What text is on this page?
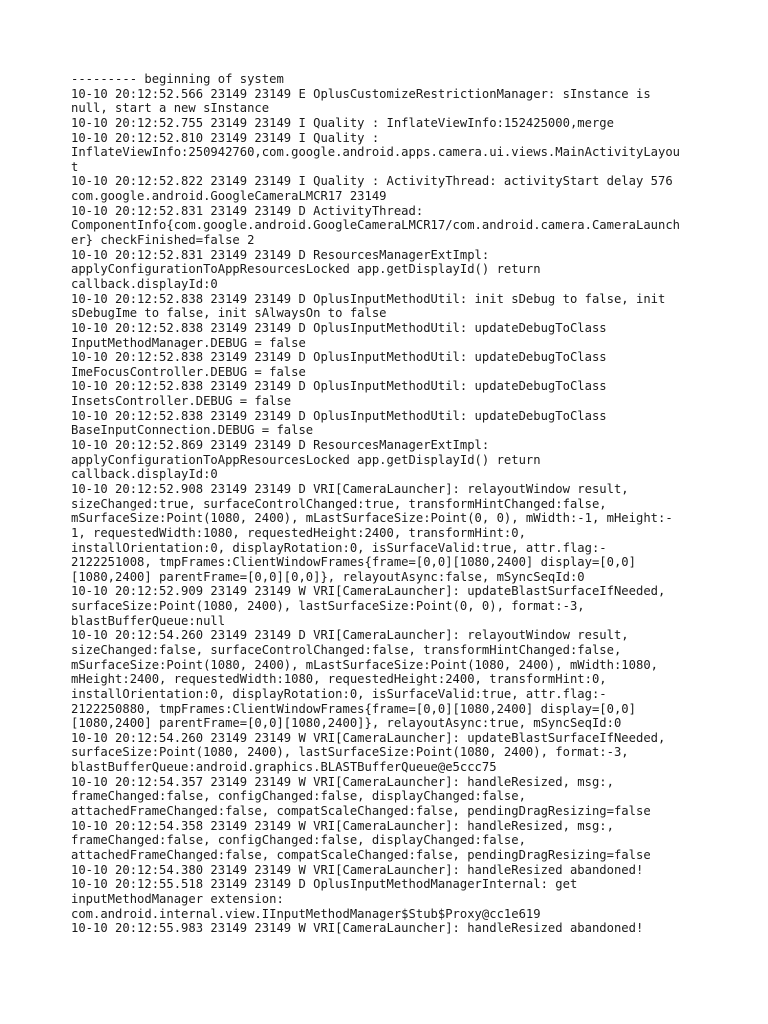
--------- beginning of system
10-10 20:12:52.566 23149 23149 E OplusCustomizeRestrictionManager: sInstance is
null, start a new sInstance
10-10 20:12:52.755 23149 23149 I Quality : InflateViewInfo:152425000,merge
10-10 20:12:52.810 23149 23149 I Quality :
InflateViewInfo:250942760,com.google.android.apps.camera.ui.views.MainActivityLayou
t
10-10 20:12:52.822 23149 23149 I Quality : ActivityThread: activityStart delay 576
com.google.android.GoogleCameraLMCR17 23149
10-10 20:12:52.831 23149 23149 D ActivityThread:
ComponentInfo{com.google.android.GoogleCameraLMCR17/com.android.camera.CameraLaunch
er} checkFinished=false 2
10-10 20:12:52.831 23149 23149 D ResourcesManagerExtImpl:
applyConfigurationToAppResourcesLocked app.getDisplayId() return
callback.displayId:0
10-10 20:12:52.838 23149 23149 D OplusInputMethodUtil: init sDebug to false, init
sDebugIme to false, init sAlwaysOn to false
10-10 20:12:52.838 23149 23149 D OplusInputMethodUtil: updateDebugToClass
InputMethodManager.DEBUG = false
10-10 20:12:52.838 23149 23149 D OplusInputMethodUtil: updateDebugToClass
ImeFocusController.DEBUG = false
10-10 20:12:52.838 23149 23149 D OplusInputMethodUtil: updateDebugToClass
InsetsController.DEBUG = false
10-10 20:12:52.838 23149 23149 D OplusInputMethodUtil: updateDebugToClass
BaseInputConnection.DEBUG = false
10-10 20:12:52.869 23149 23149 D ResourcesManagerExtImpl:
applyConfigurationToAppResourcesLocked app.getDisplayId() return
callback.displayId:0
10-10 20:12:52.908 23149 23149 D VRI[CameraLauncher]: relayoutWindow result,
sizeChanged:true, surfaceControlChanged:true, transformHintChanged:false,
mSurfaceSize:Point(1080, 2400), mLastSurfaceSize:Point(0, 0), mWidth:-1, mHeight:-
1, requestedWidth:1080, requestedHeight:2400, transformHint:0,
installOrientation:0, displayRotation:0, isSurfaceValid:true, attr.flag:-
2122251008, tmpFrames:ClientWindowFrames{frame=[0,0][1080,2400] display=[0,0]
[1080,2400] parentFrame=[0,0][0,0]}, relayoutAsync:false, mSyncSeqId:0
10-10 20:12:52.909 23149 23149 W VRI[CameraLauncher]: updateBlastSurfaceIfNeeded,
surfaceSize:Point(1080, 2400), lastSurfaceSize:Point(0, 0), format:-3,
blastBufferQueue:null
10-10 20:12:54.260 23149 23149 D VRI[CameraLauncher]: relayoutWindow result,
sizeChanged:false, surfaceControlChanged:false, transformHintChanged:false,
mSurfaceSize:Point(1080, 2400), mLastSurfaceSize:Point(1080, 2400), mWidth:1080,
mHeight:2400, requestedWidth:1080, requestedHeight:2400, transformHint:0,
installOrientation:0, displayRotation:0, isSurfaceValid:true, attr.flag:-
2122250880, tmpFrames:ClientWindowFrames{frame=[0,0][1080,2400] display=[0,0]
[1080,2400] parentFrame=[0,0][1080,2400]}, relayoutAsync:true, mSyncSeqId:0
10-10 20:12:54.260 23149 23149 W VRI[CameraLauncher]: updateBlastSurfaceIfNeeded,
surfaceSize:Point(1080, 2400), lastSurfaceSize:Point(1080, 2400), format:-3,
blastBufferQueue:android.graphics.BLASTBufferQueue@e5ccc75
10-10 20:12:54.357 23149 23149 W VRI[CameraLauncher]: handleResized, msg:,
frameChanged:false, configChanged:false, displayChanged:false,
attachedFrameChanged:false, compatScaleChanged:false, pendingDragResizing=false
10-10 20:12:54.358 23149 23149 W VRI[CameraLauncher]: handleResized, msg:,
frameChanged:false, configChanged:false, displayChanged:false,
attachedFrameChanged:false, compatScaleChanged:false, pendingDragResizing=false
10-10 20:12:54.380 23149 23149 W VRI[CameraLauncher]: handleResized abandoned!
10-10 20:12:55.518 23149 23149 D OplusInputMethodManagerInternal: get
inputMethodManager extension:
com.android.internal.view.IInputMethodManager$Stub$Proxy@cc1e619
10-10 20:12:55.983 23149 23149 W VRI[CameraLauncher]: handleResized abandoned!
